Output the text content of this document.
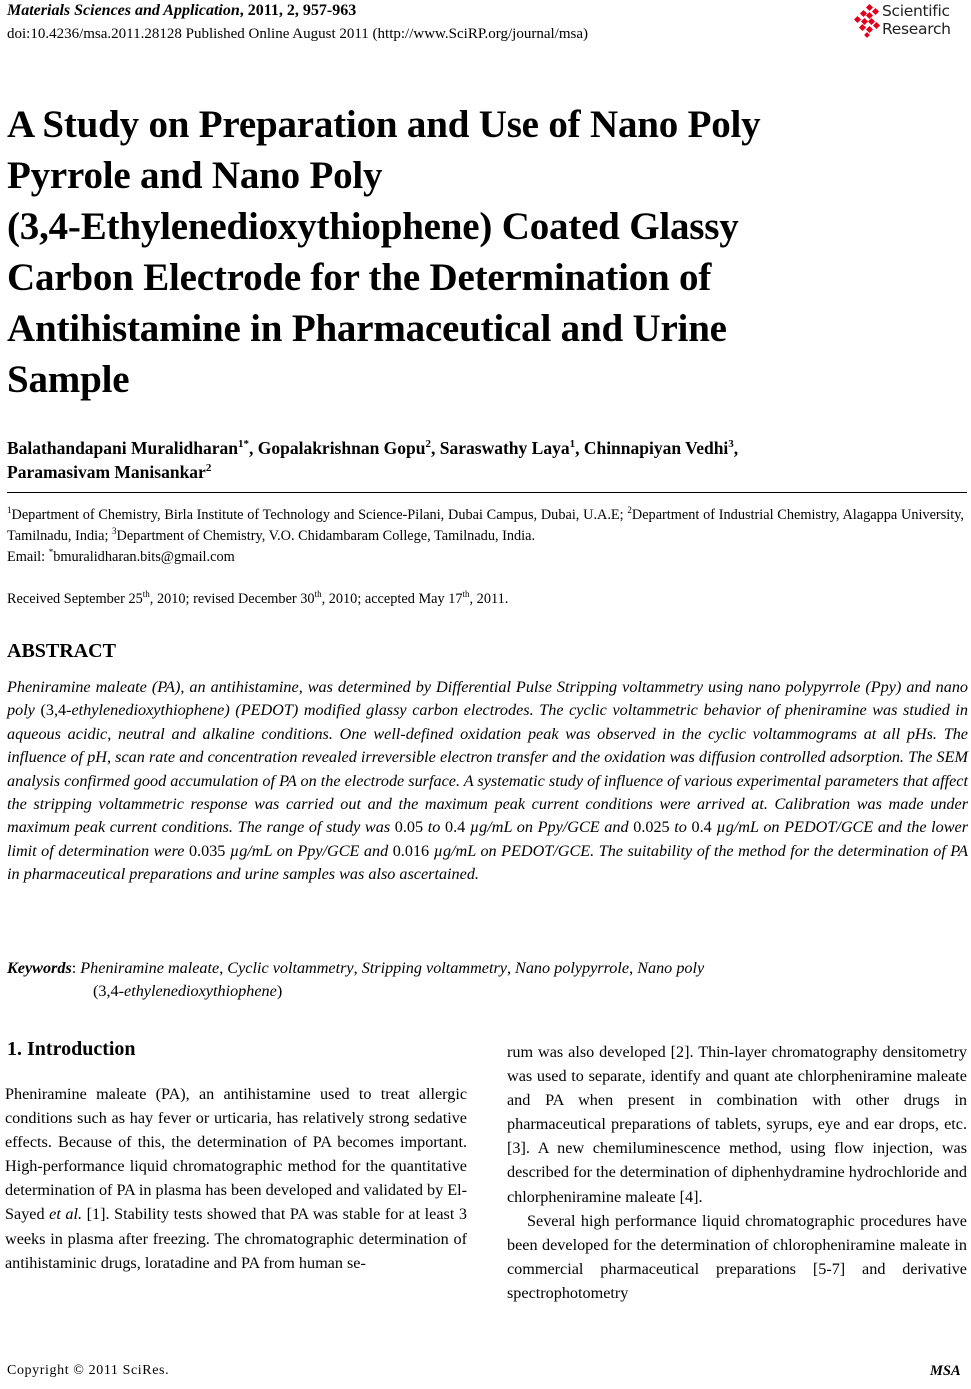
Materials Sciences and Application, 2011, 2, 957-963
doi:10.4236/msa.2011.28128 Published Online August 2011 (http://www.SciRP.org/journal/msa)
Scientific
Research
A Study on Preparation and Use of Nano Poly
Pyrrole and Nano Poly
(3,4-Ethylenedioxythiophene) Coated Glassy
Carbon Electrode for the Determination of
Antihistamine in Pharmaceutical and Urine
Sample
Balathandapani Muralidharan$^{1*}$, Gopalakrishnan Gopu$^2$, Saraswathy Laya$^1$, Chinnapiyan Vedhi$^3$,
Paramasivam Manisankar$^2$
$^1$Department of Chemistry, Birla Institute of Technology and Science-Pilani, Dubai Campus, Dubai, U.A.E; $^2$Department of Industrial Chemistry, Alagappa University, Tamilnadu, India; $^3$Department of Chemistry, V.O. Chidambaram College, Tamilnadu, India.
Email: *bmuralidharan.bits@gmail.com
Received September 25th, 2010; revised December 30th, 2010; accepted May 17th, 2011.
ABSTRACT
Pheniramine maleate (PA), an antihistamine, was determined by Differential Pulse Stripping voltammetry using nano polypyrrole (Ppy) and nano poly (3,4-ethylenedioxythiophene) (PEDOT) modified glassy carbon electrodes. The cyclic voltammetric behavior of pheniramine was studied in aqueous acidic, neutral and alkaline conditions. One well-defined oxidation peak was observed in the cyclic voltammograms at all pHs. The influence of pH, scan rate and concentration revealed irreversible electron transfer and the oxidation was diffusion controlled adsorption. The SEM analysis confirmed good accumulation of PA on the electrode surface. A systematic study of influence of various experimental parameters that affect the stripping voltammetric response was carried out and the maximum peak current conditions were arrived at. Calibration was made under maximum peak current conditions. The range of study was 0.05 to 0.4 µg/mL on Ppy/GCE and 0.025 to 0.4 µg/mL on PEDOT/GCE and the lower limit of determination were 0.035 µg/mL on Ppy/GCE and 0.016 µg/mL on PEDOT/GCE. The suitability of the method for the determination of PA in pharmaceutical preparations and urine samples was also ascertained.
Keywords: Pheniramine maleate, Cyclic voltammetry, Stripping voltammetry, Nano polypyrrole, Nano poly
(3,4-ethylenedioxythiophene)
1. Introduction

Pheniramine maleate (PA), an antihistamine used to treat allergic conditions such as hay fever or urticaria, has relatively strong sedative effects. Because of this, the determination of PA becomes important. High-performance liquid chromatographic method for the quantitative determination of PA in plasma has been developed and validated by El-Sayed et al. [1]. Stability tests showed that PA was stable for at least 3 weeks in plasma after freezing. The chromatographic determination of antihistaminic drugs, loratadine and PA from human se-

rum was also developed [2]. Thin-layer chromatography densitometry was used to separate, identify and quant ate chlorpheniramine maleate and PA when present in combination with other drugs in pharmaceutical preparations of tablets, syrups, eye and ear drops, etc. [3]. A new chemiluminescence method, using flow injection, was described for the determination of diphenhydramine hydrochloride and chlorpheniramine maleate [4].

Several high performance liquid chromatographic procedures have been developed for the determination of chloropheniramine maleate in commercial pharmaceutical preparations [5-7] and derivative spectrophotometry

Copyright © 2011 SciRes.	MSA
